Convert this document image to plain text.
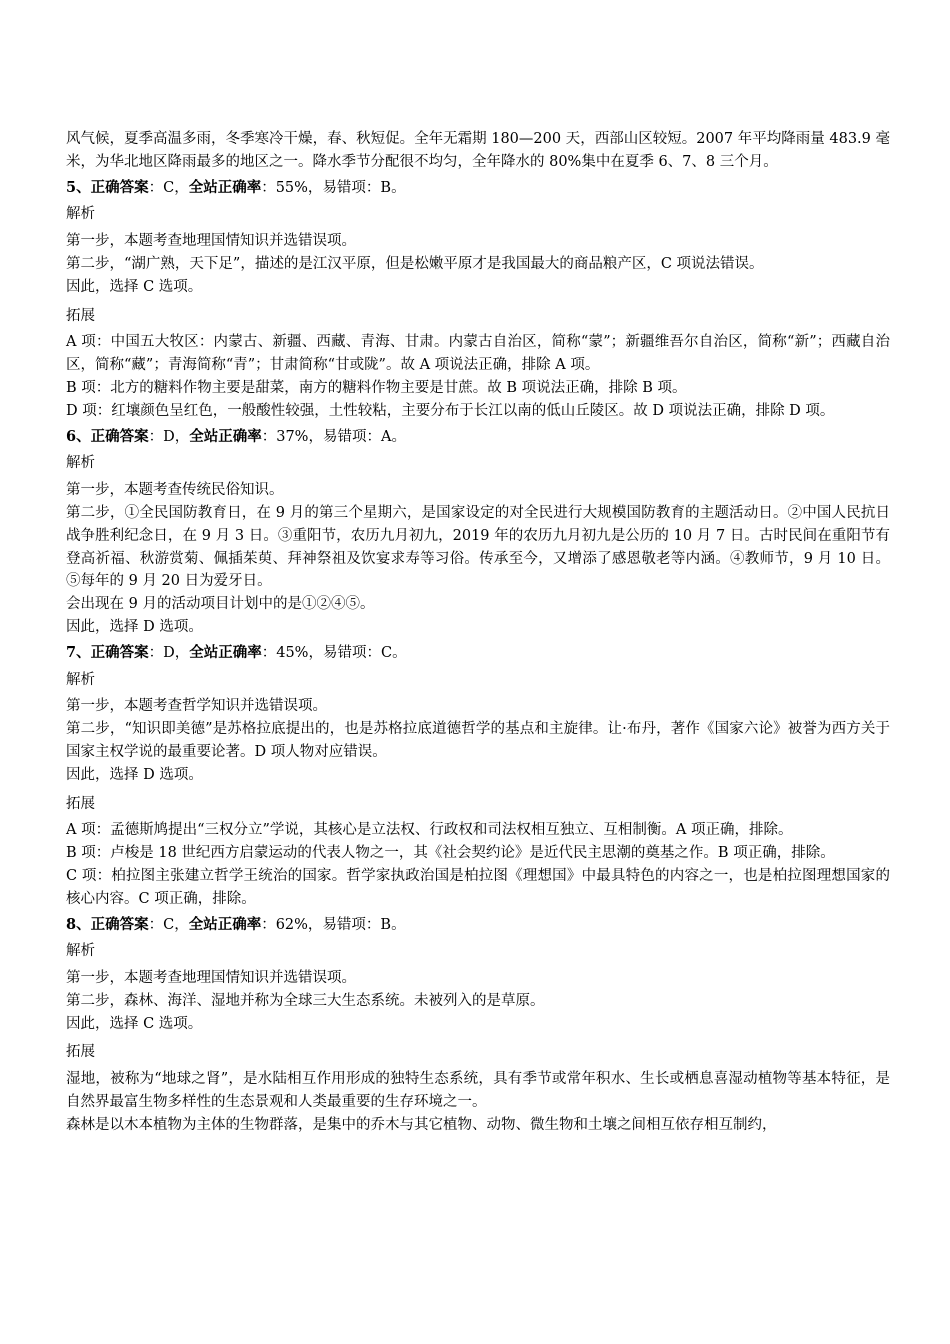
风气候，夏季高温多雨，冬季寒冷干燥，春、秋短促。全年无霜期 180—200 天，西部山区较短。2007 年平均降雨量 483.9 毫米，为华北地区降雨最多的地区之一。降水季节分配很不均匀，全年降水的 80%集中在夏季 6、7、8 三个月。

5、正确答案：C，全站正确率：55%，易错项：B。

解析

第一步，本题考查地理国情知识并选错误项。

第二步，“湖广熟，天下足”，描述的是江汉平原，但是松嫩平原才是我国最大的商品粮产区，C 项说法错误。

因此，选择 C 选项。

拓展

A 项：中国五大牧区：内蒙古、新疆、西藏、青海、甘肃。内蒙古自治区，简称“蒙”；新疆维吾尔自治区，简称“新”；西藏自治区，简称“藏”；青海简称“青”；甘肃简称“甘或陇”。故 A 项说法正确，排除 A 项。

B 项：北方的糖料作物主要是甜菜，南方的糖料作物主要是甘蔗。故 B 项说法正确，排除 B 项。

D 项：红壤颜色呈红色，一般酸性较强，土性较粘，主要分布于长江以南的低山丘陵区。故 D 项说法正确，排除 D 项。

6、正确答案：D，全站正确率：37%，易错项：A。

解析

第一步，本题考查传统民俗知识。

第二步，①全民国防教育日，在 9 月的第三个星期六，是国家设定的对全民进行大规模国防教育的主题活动日。②中国人民抗日战争胜利纪念日，在 9 月 3 日。③重阳节，农历九月初九，2019 年的农历九月初九是公历的 10 月 7 日。古时民间在重阳节有登高祈福、秋游赏菊、佩插茱萸、拜神祭祖及饮宴求寿等习俗。传承至今，又增添了感恩敬老等内涵。④教师节，9 月 10 日。⑤每年的 9 月 20 日为爱牙日。

会出现在 9 月的活动项目计划中的是①②④⑤。

因此，选择 D 选项。

7、正确答案：D，全站正确率：45%，易错项：C。

解析

第一步，本题考查哲学知识并选错误项。

第二步，“知识即美德”是苏格拉底提出的，也是苏格拉底道德哲学的基点和主旋律。让·布丹，著作《国家六论》被誉为西方关于国家主权学说的最重要论著。D 项人物对应错误。

因此，选择 D 选项。

拓展

A 项：孟德斯鸠提出“三权分立”学说，其核心是立法权、行政权和司法权相互独立、互相制衡。A 项正确，排除。

B 项：卢梭是 18 世纪西方启蒙运动的代表人物之一，其《社会契约论》是近代民主思潮的奠基之作。B 项正确，排除。

C 项：柏拉图主张建立哲学王统治的国家。哲学家执政治国是柏拉图《理想国》中最具特色的内容之一，也是柏拉图理想国家的核心内容。C 项正确，排除。

8、正确答案：C，全站正确率：62%，易错项：B。

解析

第一步，本题考查地理国情知识并选错误项。

第二步，森林、海洋、湿地并称为全球三大生态系统。未被列入的是草原。

因此，选择 C 选项。

拓展

湿地，被称为“地球之肾”，是水陆相互作用形成的独特生态系统，具有季节或常年积水、生长或栖息喜湿动植物等基本特征，是自然界最富生物多样性的生态景观和人类最重要的生存环境之一。

森林是以木本植物为主体的生物群落，是集中的乔木与其它植物、动物、微生物和土壤之间相互依存相互制约，
